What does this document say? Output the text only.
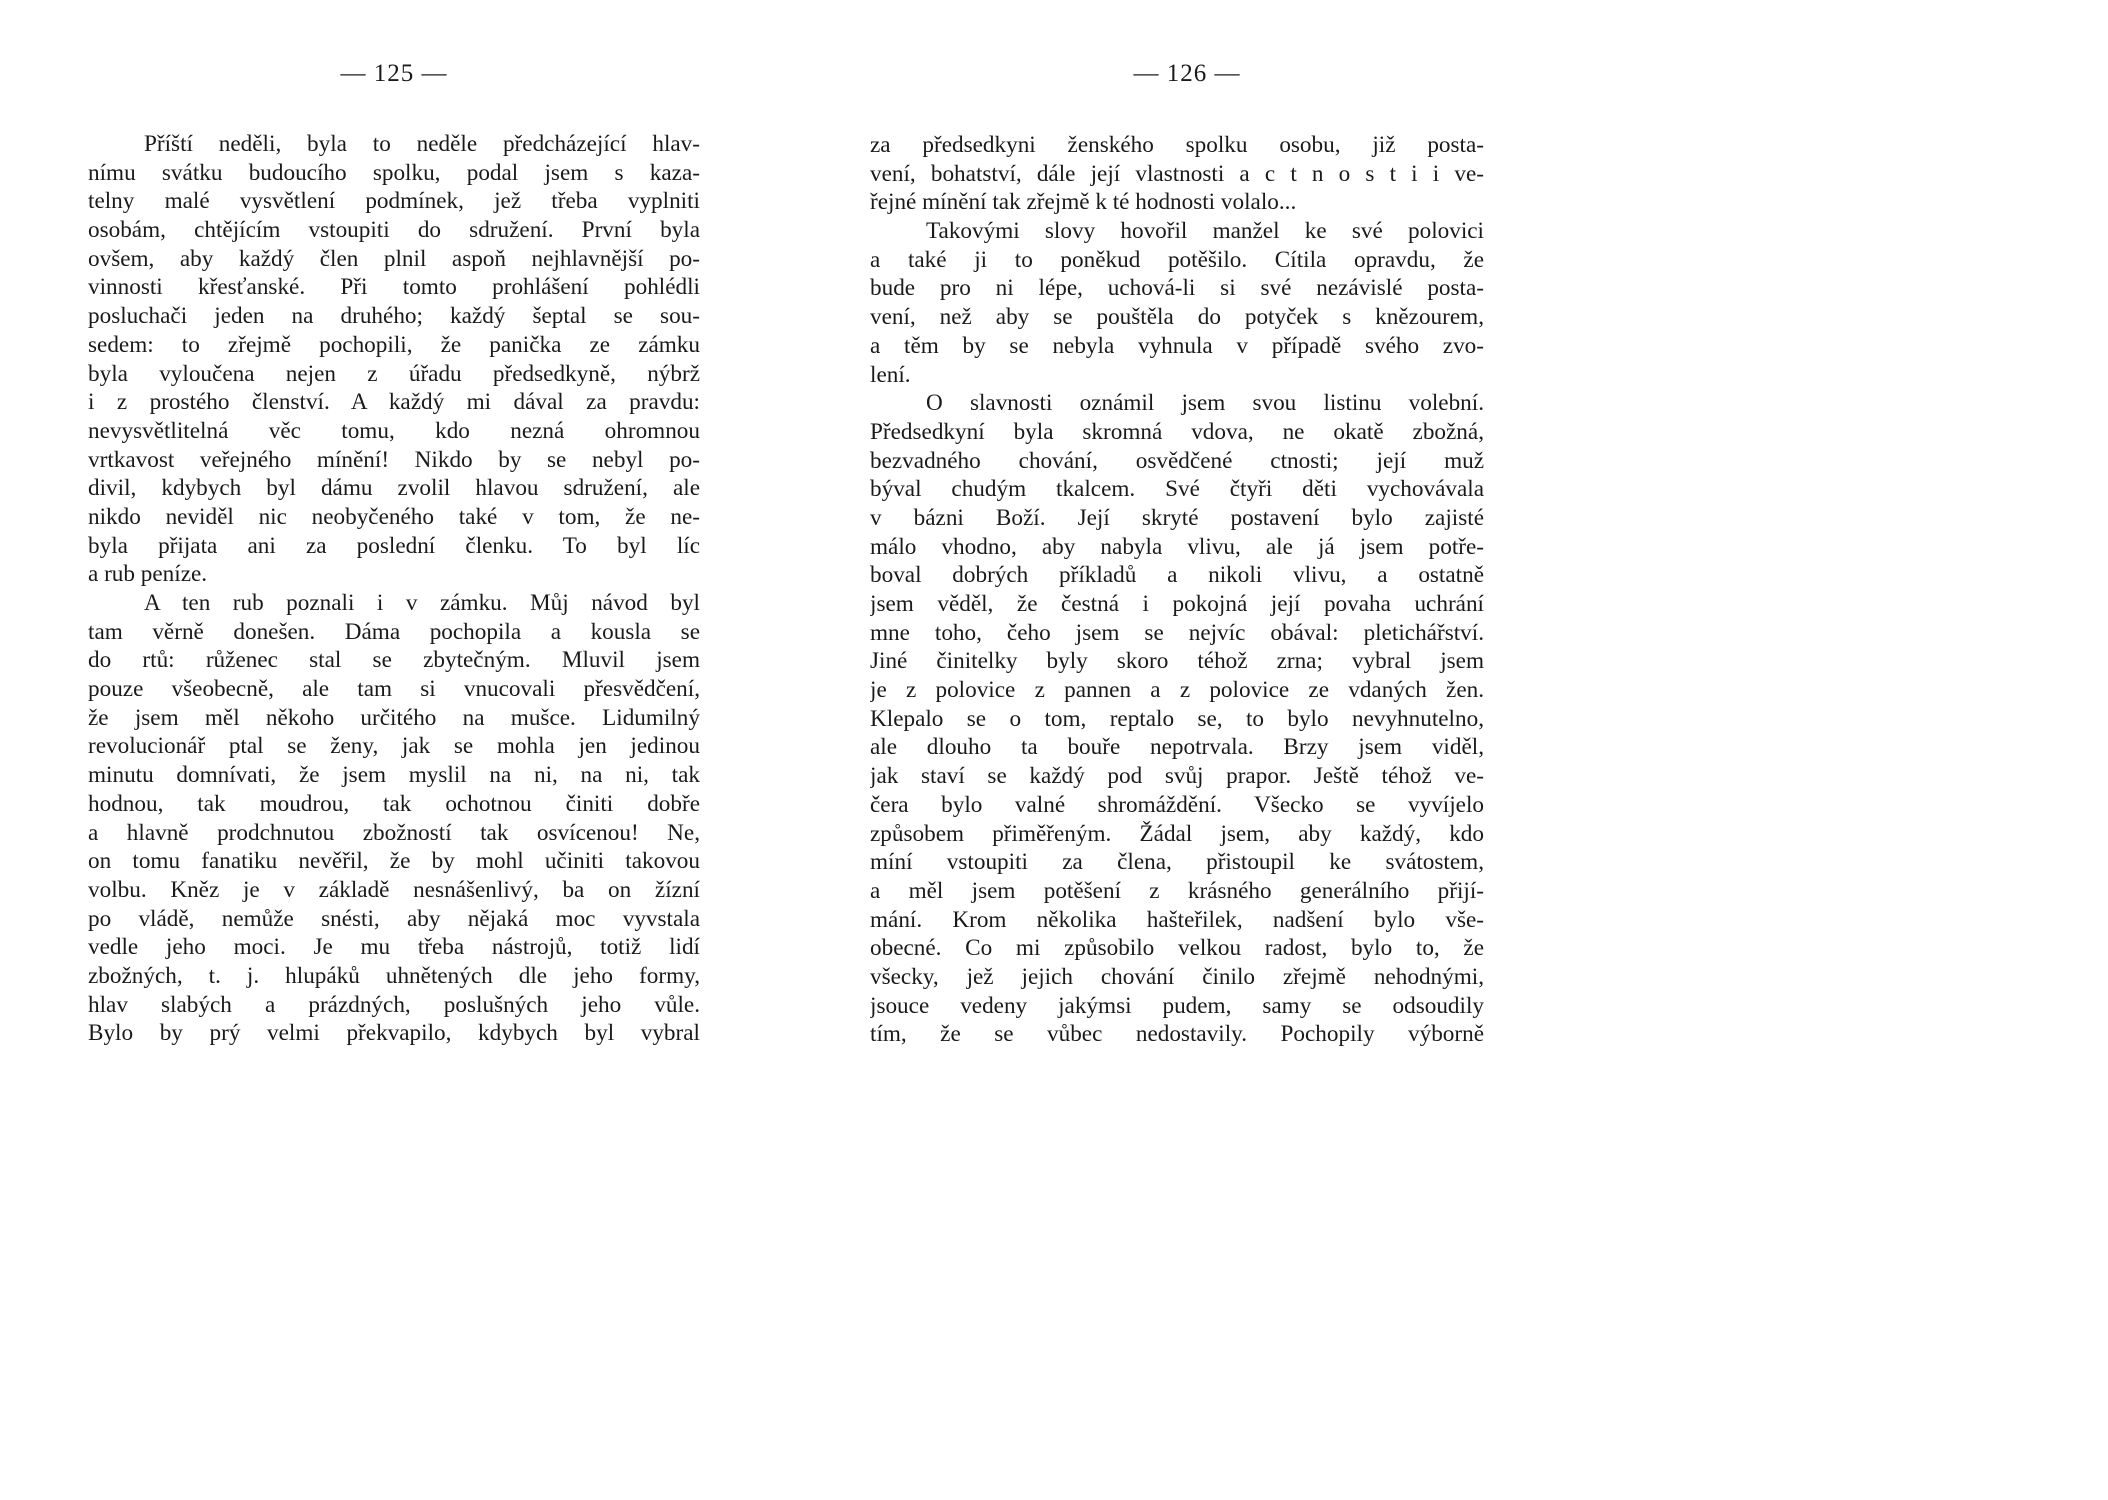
— 125 —
Příští neděli, byla to neděle předcházející hlav-
nímu svátku budoucího spolku, podal jsem s kaza-
telny malé vysvětlení podmínek, jež třeba vyplniti
osobám, chtějícím vstoupiti do sdružení. První byla
ovšem, aby každý člen plnil aspoň nejhlavnější po-
vinnosti křesťanské. Při tomto prohlášení pohlédli
posluchači jeden na druhého; každý šeptal se sou-
sedem: to zřejmě pochopili, že panička ze zámku
byla vyloučena nejen z úřadu předsedkyně, nýbrž
i z prostého členství. A každý mi dával za pravdu:
nevysvětlitelná věc tomu, kdo nezná ohromnou
vrtkavost veřejného mínění! Nikdo by se nebyl po-
divil, kdybych byl dámu zvolil hlavou sdružení, ale
nikdo neviděl nic neobyčeného také v tom, že ne-
byla přijata ani za poslední členku. To byl líc
a rub peníze.
A ten rub poznali i v zámku. Můj návod byl
tam věrně donešen. Dáma pochopila a kousla se
do rtů: růženec stal se zbytečným. Mluvil jsem
pouze všeobecně, ale tam si vnucovali přesvědčení,
že jsem měl někoho určitého na mušce. Lidumilný
revolucionář ptal se ženy, jak se mohla jen jedinou
minutu domnívati, že jsem myslil na ni, na ni, tak
hodnou, tak moudrou, tak ochotnou činiti dobře
a hlavně prodchnutou zbožností tak osvícenou! Ne,
on tomu fanatiku nevěřil, že by mohl učiniti takovou
volbu. Kněz je v základě nesnášenlivý, ba on žízní
po vládě, nemůže snésti, aby nějaká moc vyvstala
vedle jeho moci. Je mu třeba nástrojů, totiž lidí
zbožných, t. j. hlupáků uhnětených dle jeho formy,
hlav slabých a prázdných, poslušných jeho vůle.
Bylo by prý velmi překvapilo, kdybych byl vybral
— 126 —
za předsedkyni ženského spolku osobu, již posta-
vení, bohatství, dále její vlastnosti a c t n o s t i i ve-
řejné mínění tak zřejmě k té hodnosti volalo...
Takovými slovy hovořil manžel ke své polovici
a také ji to poněkud potěšilo. Cítila opravdu, že
bude pro ni lépe, uchová-li si své nezávislé posta-
vení, než aby se pouštěla do potyček s knězourem,
a těm by se nebyla vyhnula v případě svého zvo-
lení.
O slavnosti oznámil jsem svou listinu volební.
Předsedkyní byla skromná vdova, ne okatě zbožná,
bezvadného chování, osvědčené ctnosti; její muž
býval chudým tkalcem. Své čtyři děti vychovávala
v bázni Boží. Její skryté postavení bylo zajisté
málo vhodno, aby nabyla vlivu, ale já jsem potře-
boval dobrých příkladů a nikoli vlivu, a ostatně
jsem věděl, že čestná i pokojná její povaha uchrání
mne toho, čeho jsem se nejvíc obával: pletichářství.
Jiné činitelky byly skoro téhož zrna; vybral jsem
je z polovice z pannen a z polovice ze vdaných žen.
Klepalo se o tom, reptalo se, to bylo nevyhnutelno,
ale dlouho ta bouře nepotrvala. Brzy jsem viděl,
jak staví se každý pod svůj prapor. Ještě téhož ve-
čera bylo valné shromáždění. Všecko se vyvíjelo
způsobem přiměřeným. Žádal jsem, aby každý, kdo
míní vstoupiti za člena, přistoupil ke svátostem,
a měl jsem potěšení z krásného generálního přijí-
mání. Krom několika hašteřilek, nadšení bylo vše-
obecné. Co mi způsobilo velkou radost, bylo to, že
všecky, jež jejich chování činilo zřejmě nehodnými,
jsouce vedeny jakýmsi pudem, samy se odsoudily
tím, že se vůbec nedostavily. Pochopily výborně
